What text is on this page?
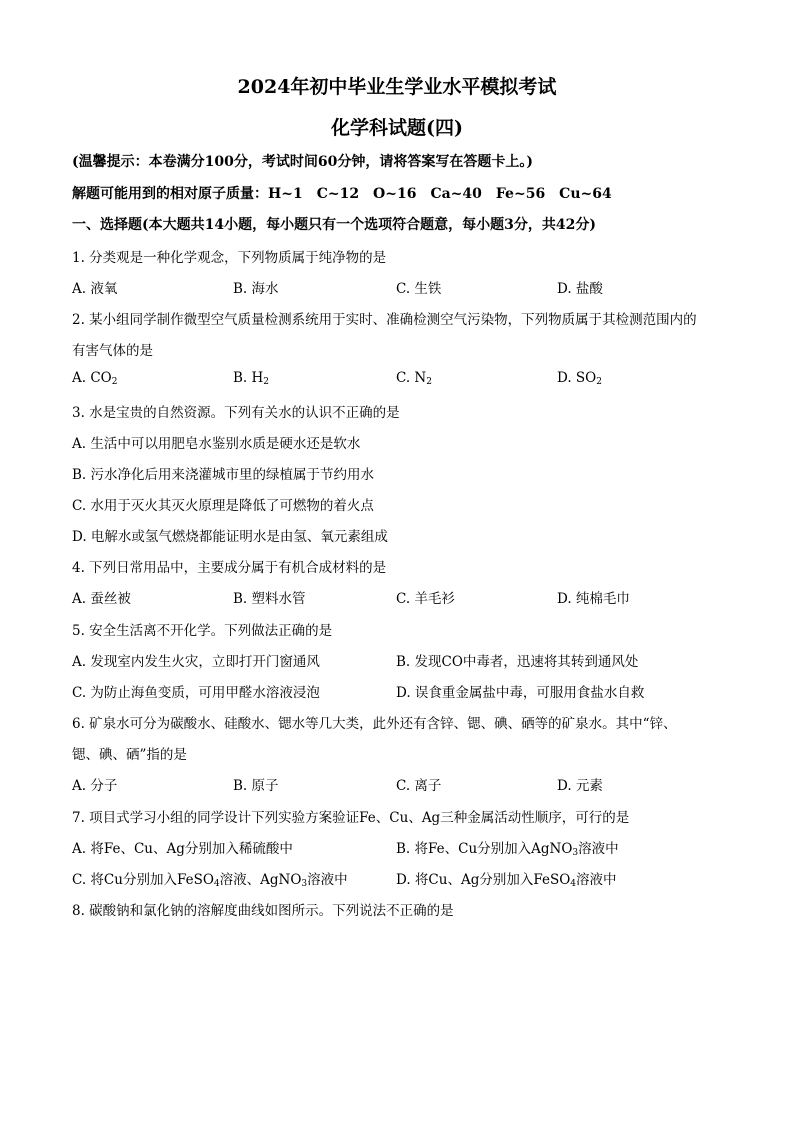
2024年初中毕业生学业水平模拟考试
化学科试题(四)
(温馨提示：本卷满分100分，考试时间60分钟，请将答案写在答题卡上。)
解题可能用到的相对原子质量：H~1　C~12　O~16　Ca~40　Fe~56　Cu~64
一、选择题(本大题共14小题，每小题只有一个选项符合题意，每小题3分，共42分)
1. 分类观是一种化学观念，下列物质属于纯净物的是
A. 液氧	B. 海水	C. 生铁	D. 盐酸
2. 某小组同学制作微型空气质量检测系统用于实时、准确检测空气污染物，下列物质属于其检测范围内的
有害气体的是
A. $CO_2$	B. $H_2$	C. $N_2$	D. $SO_2$
3. 水是宝贵的自然资源。下列有关水的认识不正确的是
A. 生活中可以用肥皂水鉴别水质是硬水还是软水
B. 污水净化后用来浇灌城市里的绿植属于节约用水
C. 水用于灭火其灭火原理是降低了可燃物的着火点
D. 电解水或氢气燃烧都能证明水是由氢、氧元素组成
4. 下列日常用品中，主要成分属于有机合成材料的是
A. 蚕丝被	B. 塑料水管	C. 羊毛衫	D. 纯棉毛巾
5. 安全生活离不开化学。下列做法正确的是
A. 发现室内发生火灾，立即打开门窗通风	B. 发现CO中毒者，迅速将其转到通风处
C. 为防止海鱼变质，可用甲醛水溶液浸泡	D. 误食重金属盐中毒，可服用食盐水自救
6. 矿泉水可分为碳酸水、硅酸水、锶水等几大类，此外还有含锌、锶、碘、硒等的矿泉水。其中“锌、
锶、碘、硒”指的是
A. 分子	B. 原子	C. 离子	D. 元素
7. 项目式学习小组的同学设计下列实验方案验证Fe、Cu、Ag三种金属活动性顺序，可行的是
A. 将Fe、Cu、Ag分别加入稀硫酸中	B. 将Fe、Cu分别加入AgNO$_3$溶液中
C. 将Cu分别加入FeSO$_4$溶液、AgNO$_3$溶液中	D. 将Cu、Ag分别加入FeSO$_4$溶液中
8. 碳酸钠和氯化钠的溶解度曲线如图所示。下列说法不正确的是
